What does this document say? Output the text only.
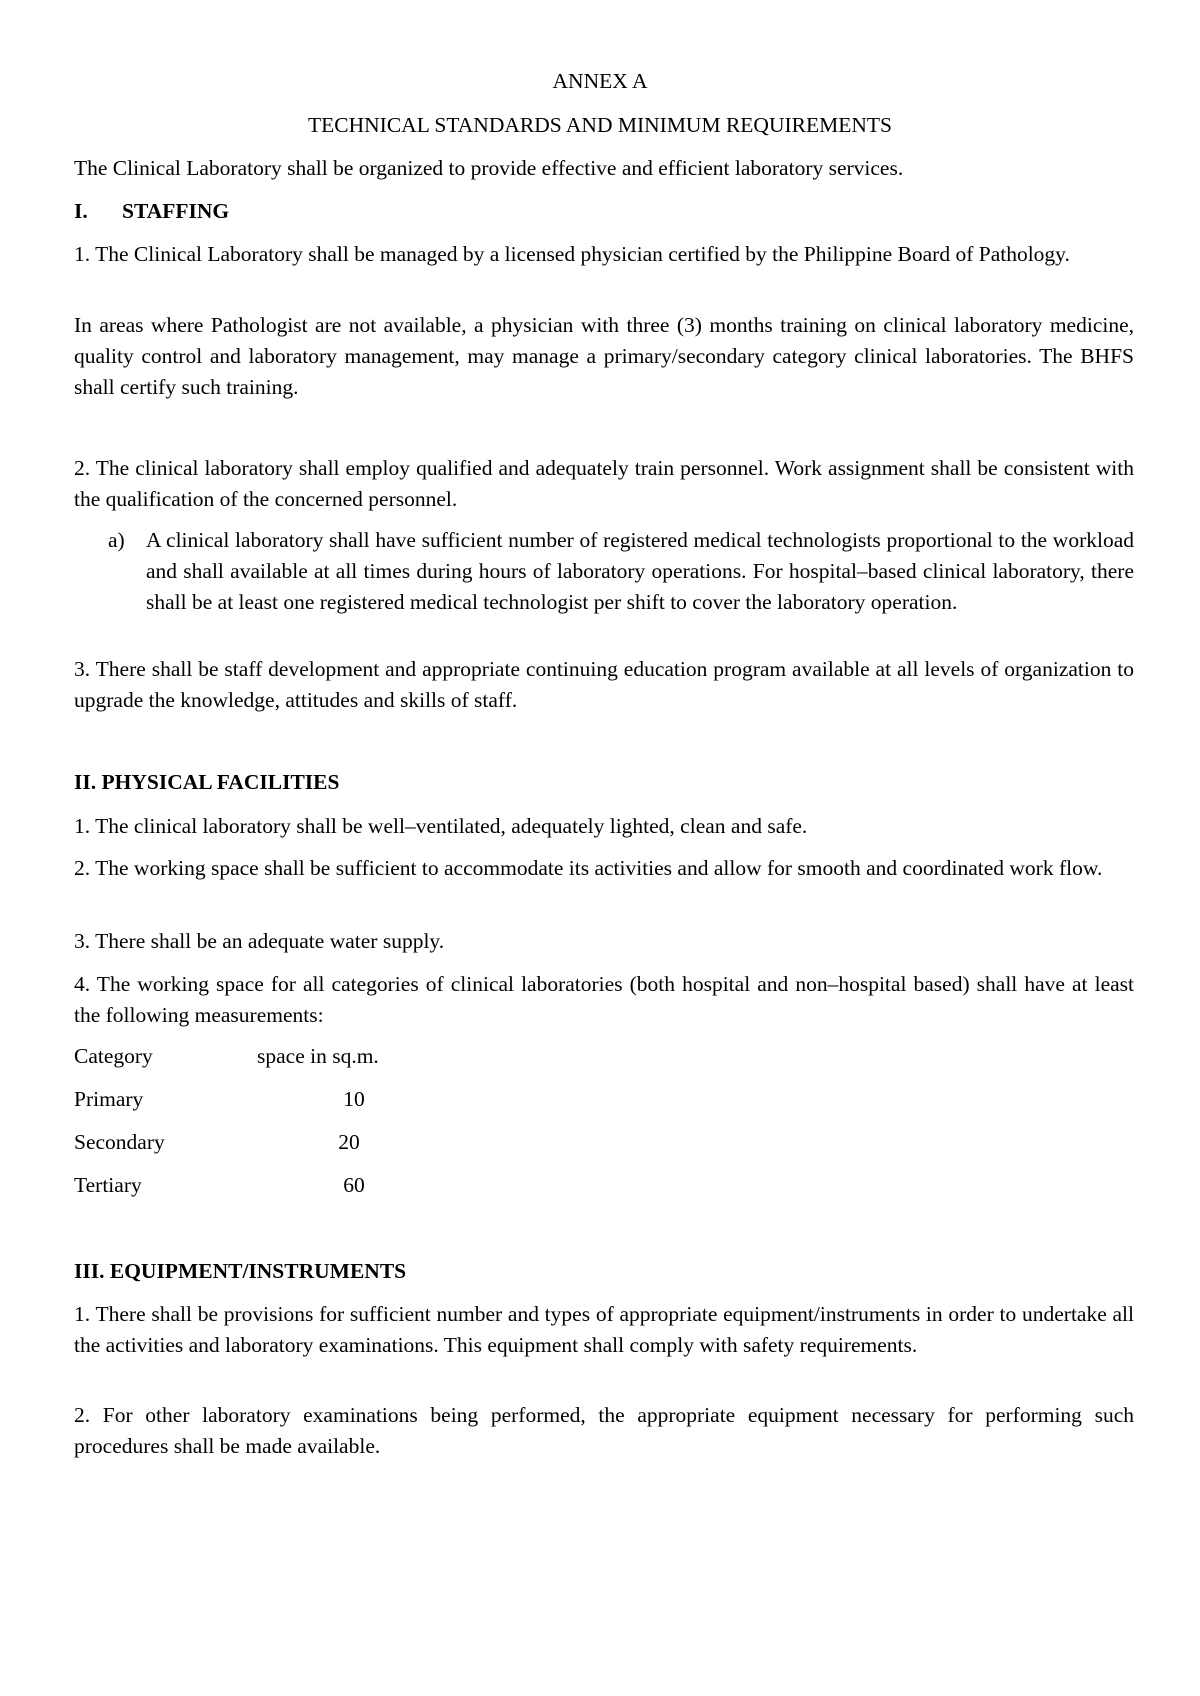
ANNEX A

TECHNICAL STANDARDS AND MINIMUM REQUIREMENTS

The Clinical Laboratory shall be organized to provide effective and efficient laboratory services.

I. STAFFING

1. The Clinical Laboratory shall be managed by a licensed physician certified by the Philippine Board of Pathology.

In areas where Pathologist are not available, a physician with three (3) months training on clinical laboratory medicine, quality control and laboratory management, may manage a primary/secondary category clinical laboratories. The BHFS shall certify such training.

2. The clinical laboratory shall employ qualified and adequately train personnel. Work assignment shall be consistent with the qualification of the concerned personnel.

a) A clinical laboratory shall have sufficient number of registered medical technologists proportional to the workload and shall available at all times during hours of laboratory operations. For hospital–based clinical laboratory, there shall be at least one registered medical technologist per shift to cover the laboratory operation.

3. There shall be staff development and appropriate continuing education program available at all levels of organization to upgrade the knowledge, attitudes and skills of staff.

II. PHYSICAL FACILITIES

1. The clinical laboratory shall be well–ventilated, adequately lighted, clean and safe.

2. The working space shall be sufficient to accommodate its activities and allow for smooth and coordinated work flow.

3. There shall be an adequate water supply.

4. The working space for all categories of clinical laboratories (both hospital and non–hospital based) shall have at least the following measurements:

Category	space in sq.m.
Primary	10
Secondary	20
Tertiary	60

III. EQUIPMENT/INSTRUMENTS

1. There shall be provisions for sufficient number and types of appropriate equipment/instruments in order to undertake all the activities and laboratory examinations. This equipment shall comply with safety requirements.

2. For other laboratory examinations being performed, the appropriate equipment necessary for performing such procedures shall be made available.
